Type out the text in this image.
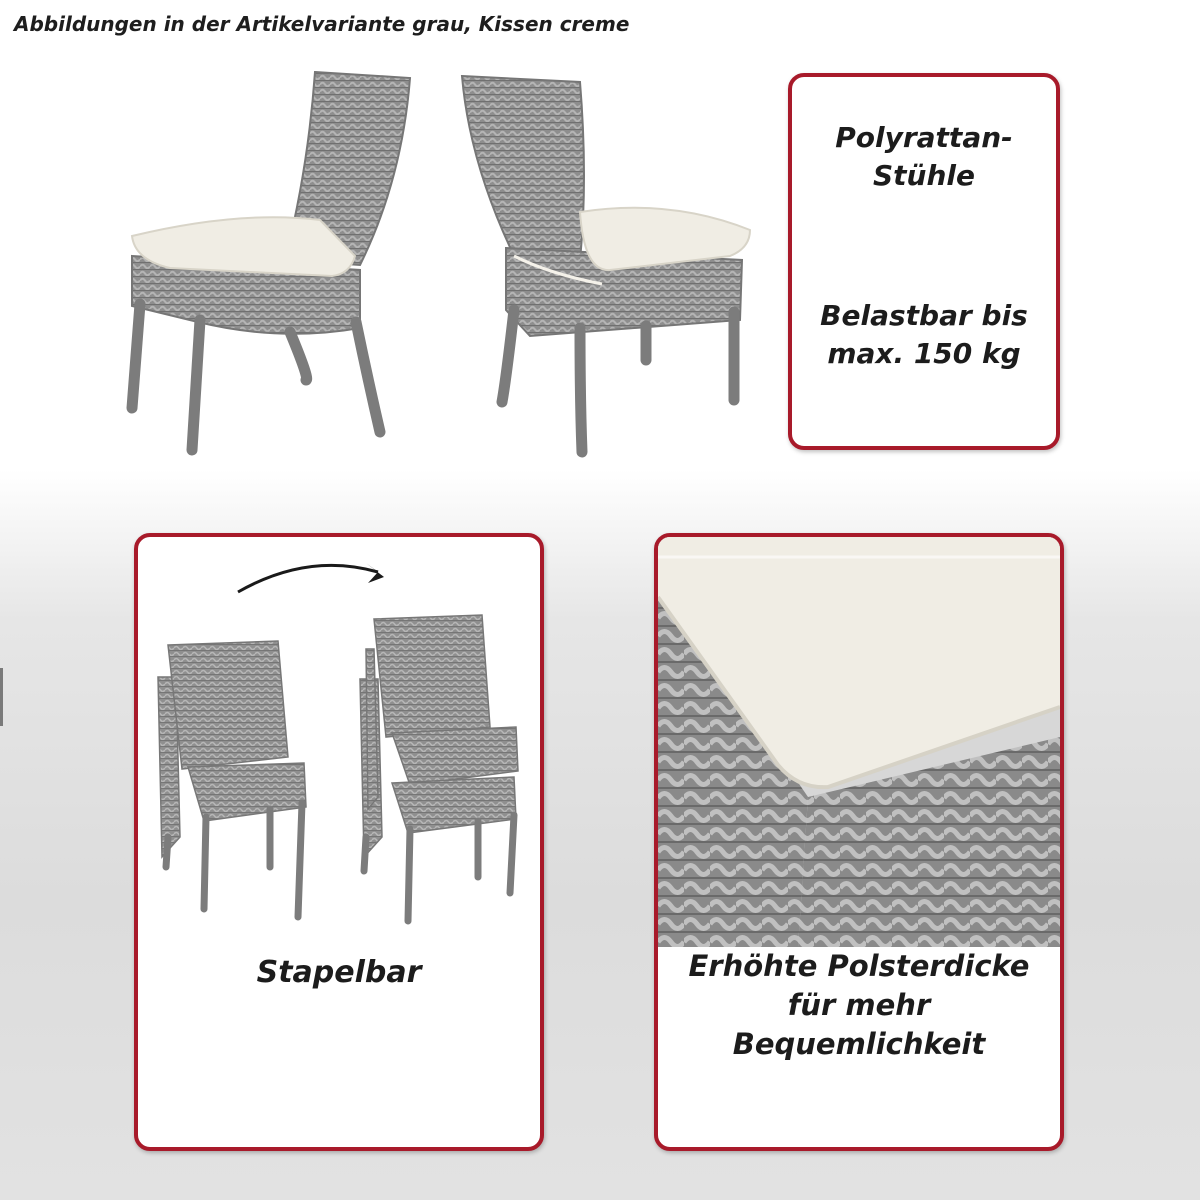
Abbildungen in der Artikelvariante grau, Kissen creme
Polyrattan-
Stühle
Belastbar bis
max. 150 kg
Stapelbar	Erhöhte Polsterdicke
für mehr
Bequemlichkeit
